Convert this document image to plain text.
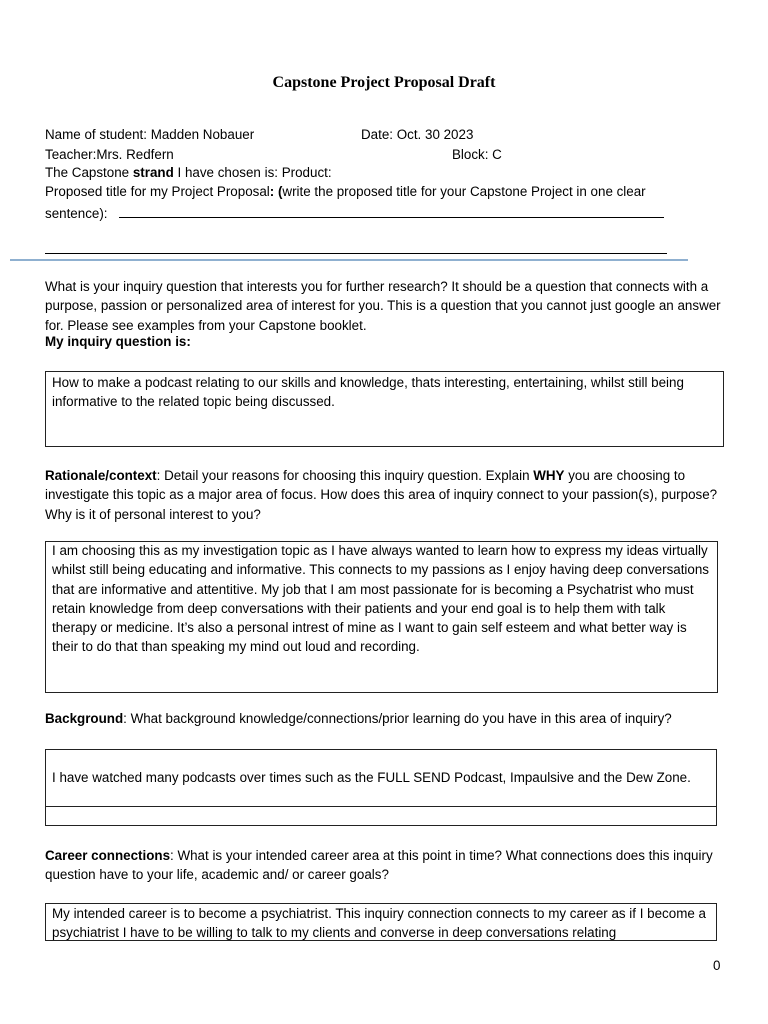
Capstone Project Proposal Draft
Name of student: Madden Nobauer	Date: Oct. 30 2023
Teacher:Mrs. Redfern	Block: C
The Capstone strand I have chosen is: Product:
Proposed title for my Project Proposal: (write the proposed title for your Capstone Project in one clear
sentence):
What is your inquiry question that interests you for further research? It should be a question that connects with a purpose, passion or personalized area of interest for you. This is a question that you cannot just google an answer for. Please see examples from your Capstone booklet.
My inquiry question is:
How to make a podcast relating to our skills and knowledge, thats interesting, entertaining, whilst still being informative to the related topic being discussed.
Rationale/context: Detail your reasons for choosing this inquiry question. Explain WHY you are choosing to investigate this topic as a major area of focus. How does this area of inquiry connect to your passion(s), purpose? Why is it of personal interest to you?
I am choosing this as my investigation topic as I have always wanted to learn how to express my ideas virtually whilst still being educating and informative. This connects to my passions as I enjoy having deep conversations that are informative and attentitive. My job that I am most passionate for is becoming a Psychatrist who must retain knowledge from deep conversations with their patients and your end goal is to help them with talk therapy or medicine. It’s also a personal intrest of mine as I want to gain self esteem and what better way is their to do that than speaking my mind out loud and recording.
Background: What background knowledge/connections/prior learning do you have in this area of inquiry?
I have watched many podcasts over times such as the FULL SEND Podcast, Impaulsive and the Dew Zone.
Career connections: What is your intended career area at this point in time? What connections does this inquiry question have to your life, academic and/ or career goals?
My intended career is to become a psychiatrist. This inquiry connection connects to my career as if I become a psychiatrist I have to be willing to talk to my clients and converse in deep conversations relating
0
